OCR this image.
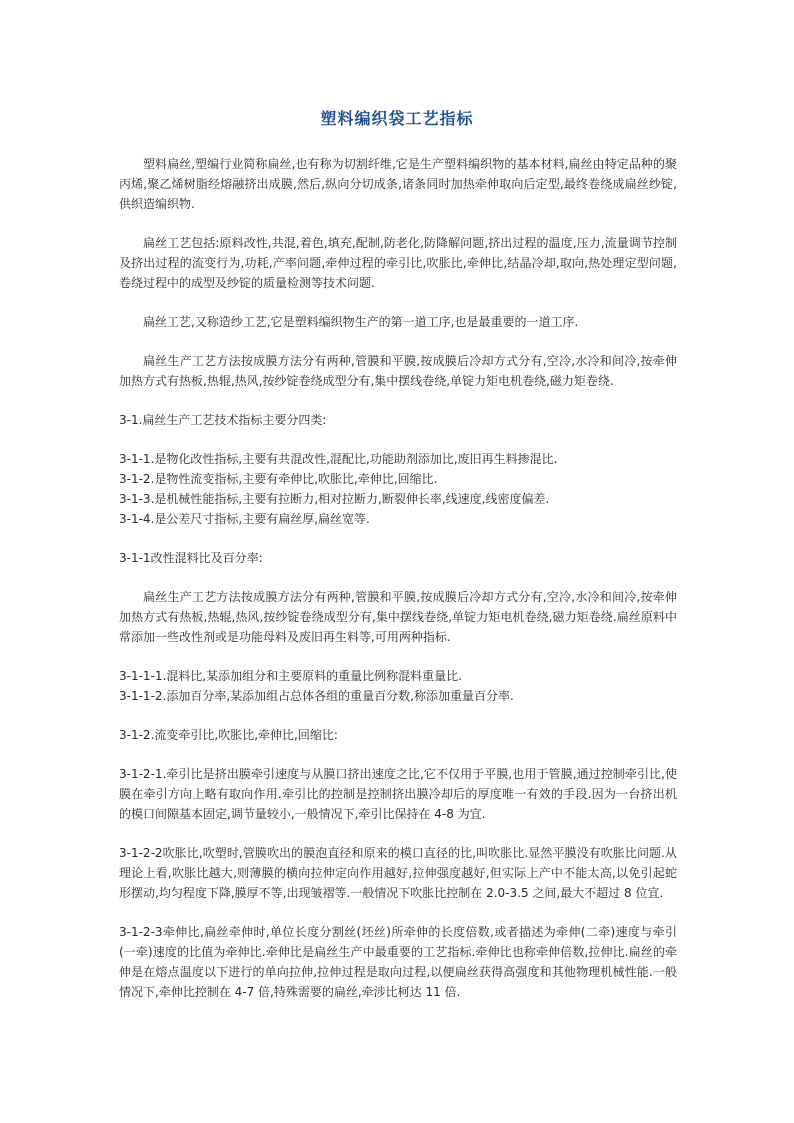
塑料编织袋工艺指标

塑料扁丝,塑编行业简称扁丝,也有称为切割纤维,它是生产塑料编织物的基本材料,扁丝由特定品种的聚丙烯,聚乙烯树脂经熔融挤出成膜,然后,纵向分切成条,诸条同时加热牵伸取向后定型,最终卷绕成扁丝纱锭,供织造编织物.

扁丝工艺包括:原料改性,共混,着色,填充,配制,防老化,防降解问题,挤出过程的温度,压力,流量调节控制及挤出过程的流变行为,功耗,产率问题,牵伸过程的牵引比,吹胀比,牵伸比,结晶冷却,取向,热处理定型问题,卷绕过程中的成型及纱锭的质量检测等技术问题.

扁丝工艺,又称造纱工艺,它是塑料编织物生产的第一道工序,也是最重要的一道工序.

扁丝生产工艺方法按成膜方法分有两种,管膜和平膜,按成膜后冷却方式分有,空冷,水冷和间冷,按牵伸加热方式有热板,热辊,热风,按纱锭卷绕成型分有,集中摆线卷绕,单锭力矩电机卷绕,磁力矩卷绕.

3-1.扁丝生产工艺技术指标主要分四类:

3-1-1.是物化改性指标,主要有共混改性,混配比,功能助剂添加比,废旧再生料掺混比.

3-1-2.是物性流变指标,主要有牵伸比,吹胀比,牵伸比,回缩比.

3-1-3.是机械性能指标,主要有拉断力,相对拉断力,断裂伸长率,线速度,线密度偏差.

3-1-4.是公差尺寸指标,主要有扁丝厚,扁丝宽等.

3-1-1改性混料比及百分率:

扁丝生产工艺方法按成膜方法分有两种,管膜和平膜,按成膜后冷却方式分有,空冷,水冷和间冷,按牵伸加热方式有热板,热辊,热风,按纱锭卷绕成型分有,集中摆线卷绕,单锭力矩电机卷绕,磁力矩卷绕.扁丝原料中常添加一些改性剂或是功能母料及废旧再生料等,可用两种指标.

3-1-1-1.混料比,某添加组分和主要原料的重量比例称混料重量比.

3-1-1-2.添加百分率,某添加组占总体各组的重量百分数,称添加重量百分率.

3-1-2.流变牵引比,吹胀比,牵伸比,回缩比:

3-1-2-1.牵引比是挤出膜牵引速度与从膜口挤出速度之比,它不仅用于平膜,也用于管膜,通过控制牵引比,使膜在牵引方向上略有取向作用.牵引比的控制是控制挤出膜冷却后的厚度唯一有效的手段.因为一台挤出机的模口间隙基本固定,调节量较小,一般情况下,牵引比保持在 4-8 为宜.

3-1-2-2吹胀比,吹塑时,管膜吹出的膜泡直径和原来的模口直径的比,叫吹胀比.显然平膜没有吹胀比问题.从理论上看,吹胀比越大,则薄膜的横向拉伸定向作用越好,拉伸强度越好,但实际上产中不能太高,以免引起蛇形摆动,均匀程度下降,膜厚不等,出现皱褶等.一般情况下吹胀比控制在 2.0-3.5 之间,最大不超过 8 位宜.

3-1-2-3牵伸比,扁丝牵伸时,单位长度分割丝(坯丝)所牵伸的长度倍数,或者描述为牵伸(二牵)速度与牵引(一牵)速度的比值为牵伸比.牵伸比是扁丝生产中最重要的工艺指标.牵伸比也称牵伸倍数,拉伸比.扁丝的牵伸是在熔点温度以下进行的单向拉伸,拉伸过程是取向过程,以便扁丝获得高强度和其他物理机械性能.一般情况下,牵伸比控制在 4-7 倍,特殊需要的扁丝,牵涉比柯达 11 倍.
